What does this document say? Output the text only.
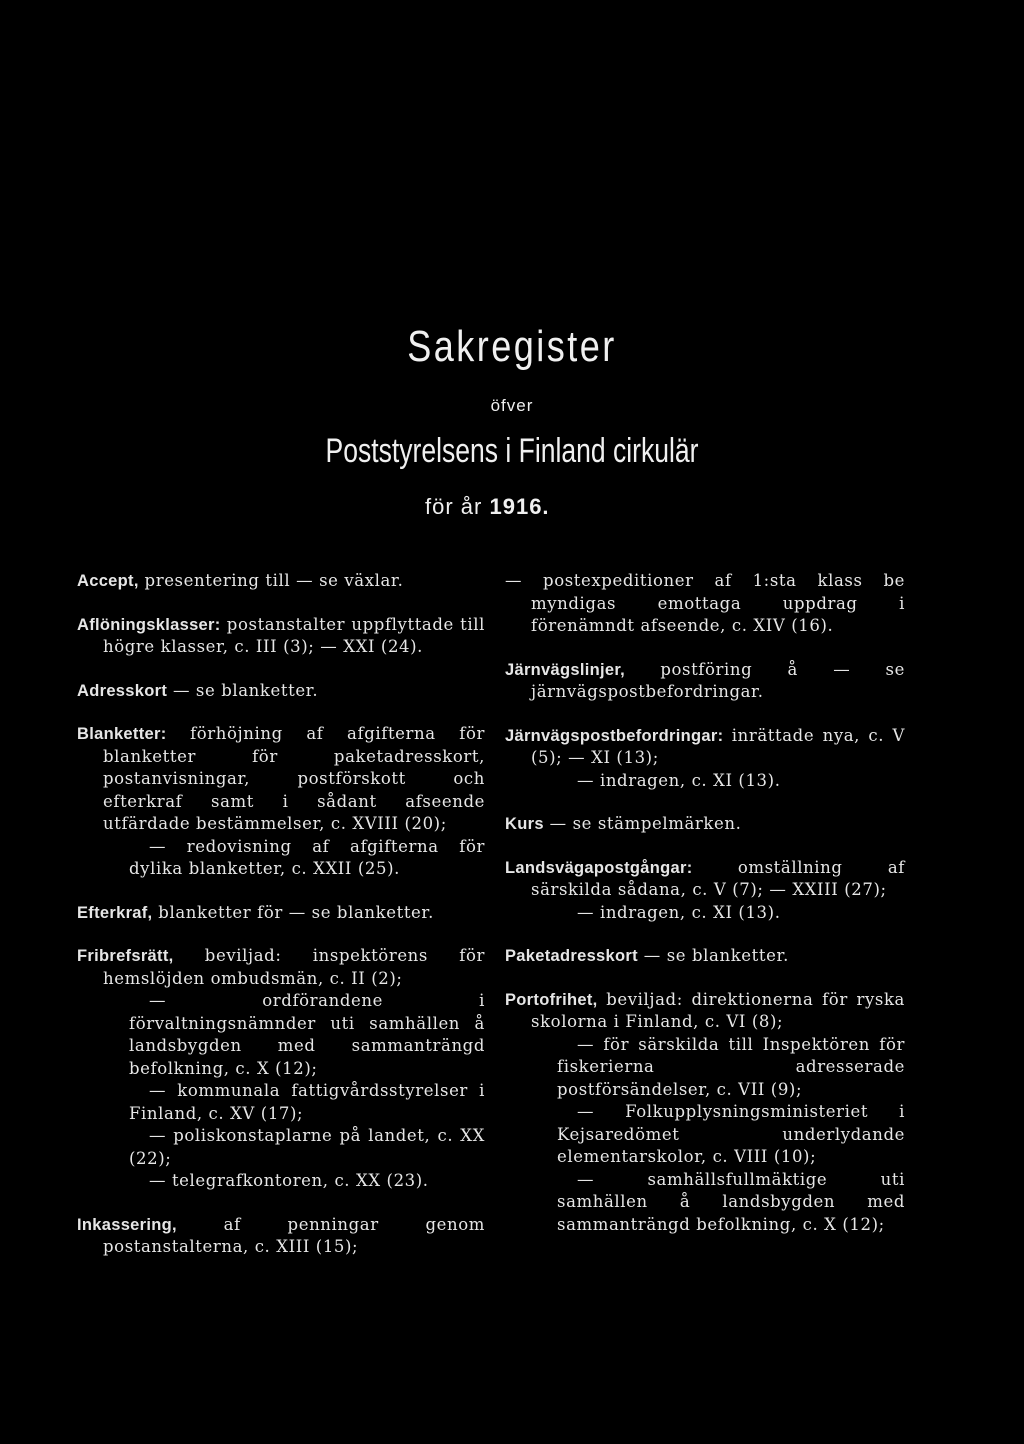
Sakregister
öfver
Poststyrelsens i Finland cirkulär
för år 1916.
Accept, presentering till — se växlar.
Aflöningsklasser: postanstalter uppflyttade till högre klasser, c. III (3); — XXI (24).
Adresskort — se blanketter.
Blanketter: förhöjning af afgifterna för blanketter för paketadresskort, postanvisningar, postförskott och efterkraf samt i sådant afseende utfärdade bestämmelser, c. XVIII (20);
— redovisning af afgifterna för dylika blanketter, c. XXII (25).
Efterkraf, blanketter för — se blanketter.
Fribrefsrätt, beviljad: inspektörens för hemslöjden ombudsmän, c. II (2);
— ordförandene i förvaltningsnämnder uti samhällen å landsbygden med sammanträngd befolkning, c. X (12);
— kommunala fattigvårdsstyrelser i Finland, c. XV (17);
— poliskonstaplarne på landet, c. XX (22);
— telegrafkontoren, c. XX (23).
Inkassering, af penningar genom postanstalterna, c. XIII (15);
— postexpeditioner af 1:sta klass be myndigas emottaga uppdrag i förenämndt afseende, c. XIV (16).
Järnvägslinjer, postföring å — se järnvägspostbefordringar.
Järnvägspostbefordringar: inrättade nya, c. V (5); — XI (13);
— indragen, c. XI (13).
Kurs — se stämpelmärken.
Landsvägapostgångar: omställning af särskilda sådana, c. V (7); — XXIII (27);
— indragen, c. XI (13).
Paketadresskort — se blanketter.
Portofrihet, beviljad: direktionerna för ryska skolorna i Finland, c. VI (8);
— för särskilda till Inspektören för fiskerierna adresserade postförsändelser, c. VII (9);
— Folkupplysningsministeriet i Kejsaredömet underlydande elementarskolor, c. VIII (10);
— samhällsfullmäktige uti samhällen å landsbygden med sammanträngd befolkning, c. X (12);
